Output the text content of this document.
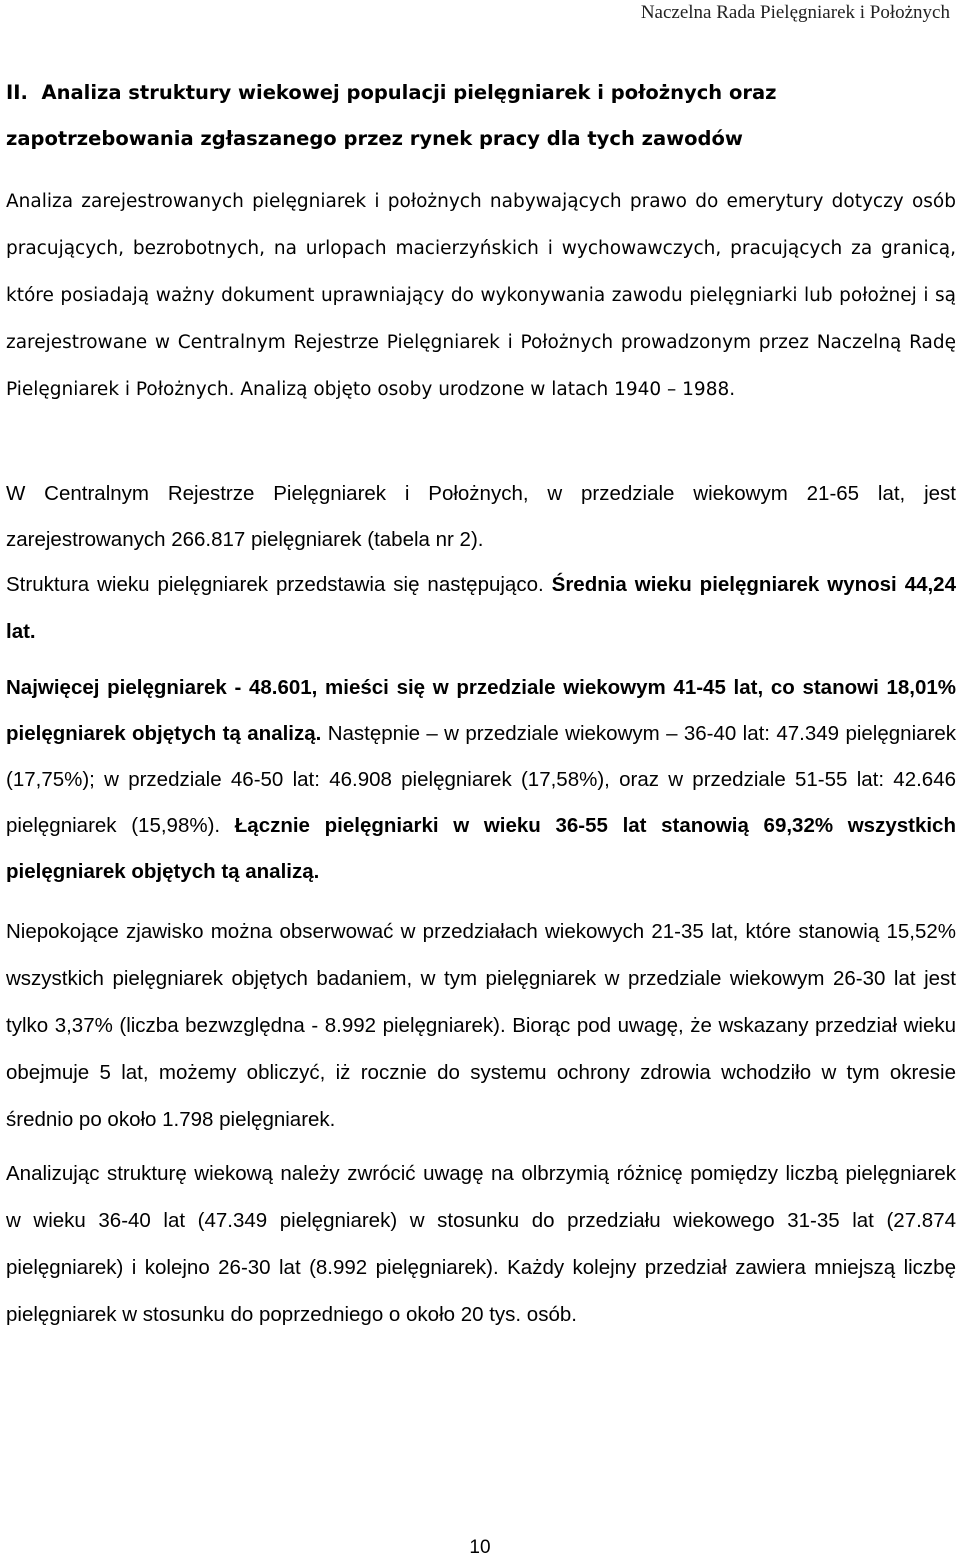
Naczelna Rada Pielęgniarek i Położnych
II.  Analiza struktury wiekowej populacji pielęgniarek i położnych oraz zapotrzebowania zgłaszanego przez rynek pracy dla tych zawodów

Analiza zarejestrowanych pielęgniarek i położnych nabywających prawo do emerytury dotyczy osób pracujących, bezrobotnych, na urlopach macierzyńskich i wychowawczych, pracujących za granicą, które posiadają ważny dokument uprawniający do wykonywania zawodu pielęgniarki lub położnej i są zarejestrowane w Centralnym Rejestrze Pielęgniarek i Położnych prowadzonym przez Naczelną Radę Pielęgniarek i Położnych. Analizą objęto osoby urodzone w latach 1940 – 1988.

W Centralnym Rejestrze Pielęgniarek i Położnych, w przedziale wiekowym 21-65 lat, jest zarejestrowanych 266.817 pielęgniarek (tabela nr 2).

Struktura wieku pielęgniarek przedstawia się następująco. Średnia wieku pielęgniarek wynosi 44,24 lat.

Najwięcej pielęgniarek - 48.601, mieści się w przedziale wiekowym 41-45 lat, co stanowi 18,01% pielęgniarek objętych tą analizą. Następnie – w przedziale wiekowym – 36-40 lat: 47.349 pielęgniarek (17,75%); w przedziale 46-50 lat: 46.908 pielęgniarek (17,58%), oraz w przedziale 51-55 lat: 42.646 pielęgniarek (15,98%). Łącznie pielęgniarki w wieku 36-55 lat stanowią 69,32% wszystkich pielęgniarek objętych tą analizą.

Niepokojące zjawisko można obserwować w przedziałach wiekowych 21-35 lat, które stanowią 15,52% wszystkich pielęgniarek objętych badaniem, w tym pielęgniarek w przedziale wiekowym 26-30 lat jest tylko 3,37% (liczba bezwzględna - 8.992 pielęgniarek). Biorąc pod uwagę, że wskazany przedział wieku obejmuje 5 lat, możemy obliczyć, iż rocznie do systemu ochrony zdrowia wchodziło w tym okresie średnio po około 1.798 pielęgniarek.

Analizując strukturę wiekową należy zwrócić uwagę na olbrzymią różnicę pomiędzy liczbą pielęgniarek w wieku 36-40 lat (47.349 pielęgniarek) w stosunku do przedziału wiekowego 31-35 lat (27.874 pielęgniarek) i kolejno 26-30 lat (8.992 pielęgniarek). Każdy kolejny przedział zawiera mniejszą liczbę pielęgniarek w stosunku do poprzedniego o około 20 tys. osób.

10
